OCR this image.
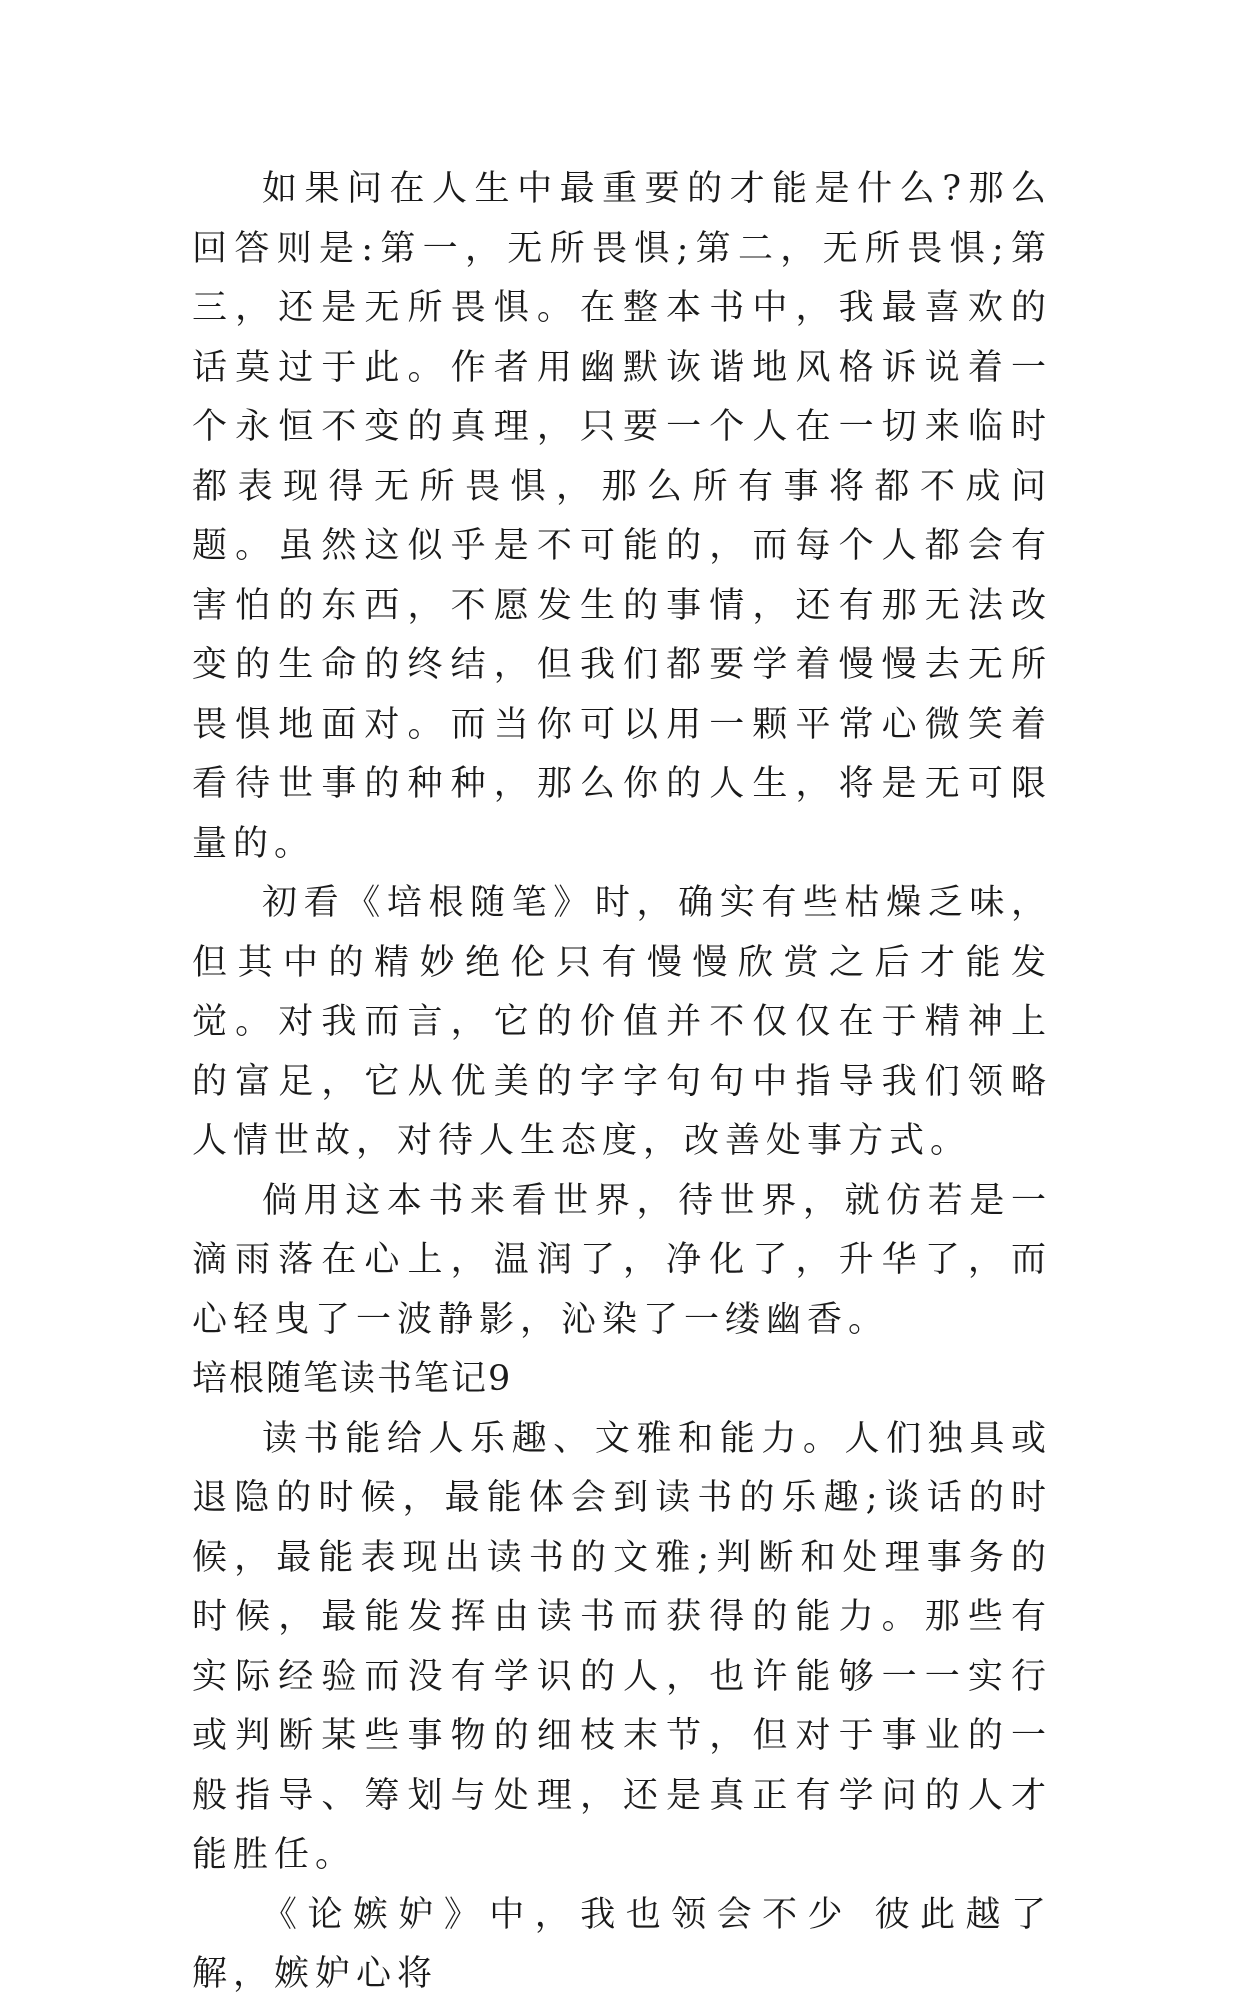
如果问在人生中最重要的才能是什么?那么回答则是:第一，无所畏惧;第二，无所畏惧;第三，还是无所畏惧。在整本书中，我最喜欢的话莫过于此。作者用幽默诙谐地风格诉说着一个永恒不变的真理，只要一个人在一切来临时都表现得无所畏惧，那么所有事将都不成问题。虽然这似乎是不可能的，而每个人都会有害怕的东西，不愿发生的事情，还有那无法改变的生命的终结，但我们都要学着慢慢去无所畏惧地面对。而当你可以用一颗平常心微笑着看待世事的种种，那么你的人生，将是无可限量的。

初看《培根随笔》时，确实有些枯燥乏味，但其中的精妙绝伦只有慢慢欣赏之后才能发觉。对我而言，它的价值并不仅仅在于精神上的富足，它从优美的字字句句中指导我们领略人情世故，对待人生态度，改善处事方式。

倘用这本书来看世界，待世界，就仿若是一滴雨落在心上，温润了，净化了，升华了，而心轻曳了一波静影，沁染了一缕幽香。

培根随笔读书笔记9

读书能给人乐趣、文雅和能力。人们独具或退隐的时候，最能体会到读书的乐趣;谈话的时候，最能表现出读书的文雅;判断和处理事务的时候，最能发挥由读书而获得的能力。那些有实际经验而没有学识的人，也许能够一一实行或判断某些事物的细枝末节，但对于事业的一般指导、筹划与处理，还是真正有学问的人才能胜任。

《论嫉妒》中，我也领会不少 彼此越了解，嫉妒心将
